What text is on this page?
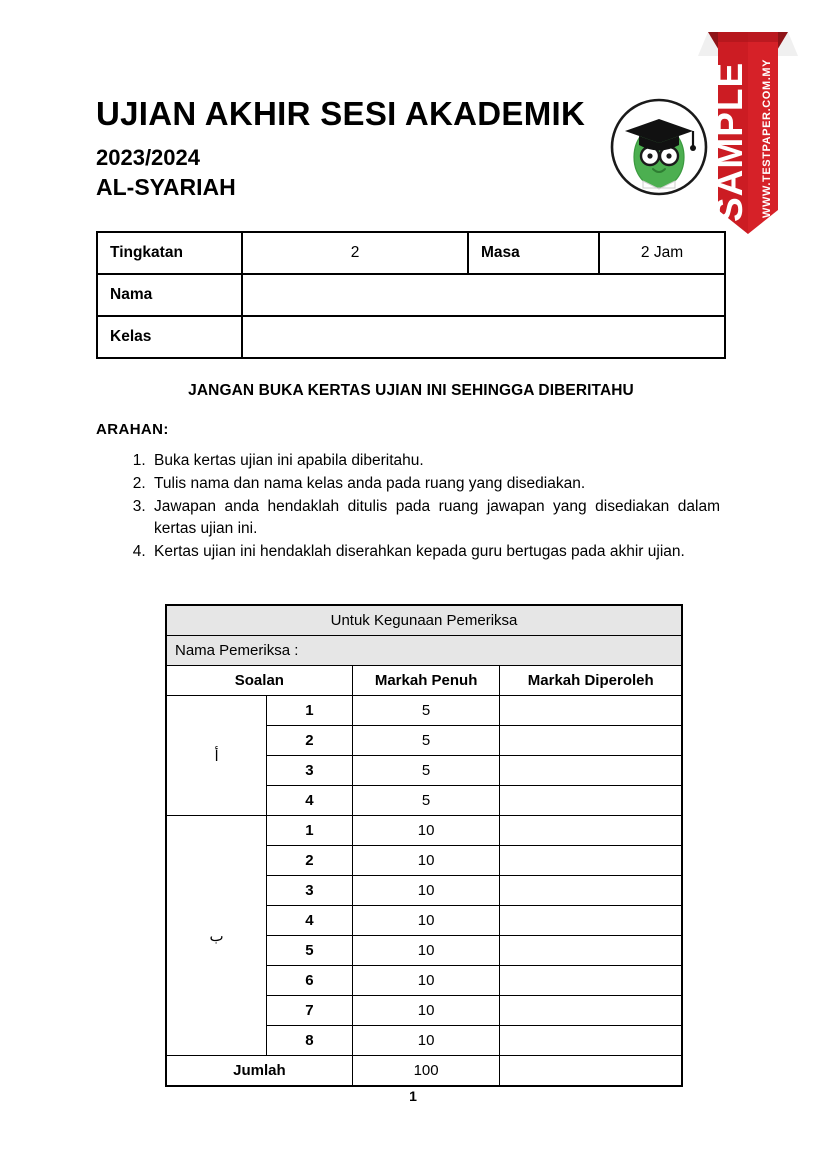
UJIAN AKHIR SESI AKADEMIK
2023/2024
AL-SYARIAH	SAMPLE WWW.TESTPAPER.COM.MY
Tingkatan	2	Masa	2 Jam
Nama			
Kelas			
JANGAN BUKA KERTAS UJIAN INI SEHINGGA DIBERITAHU
ARAHAN:
1. Buka kertas ujian ini apabila diberitahu.
2. Tulis nama dan nama kelas anda pada ruang yang disediakan.
3. Jawapan anda hendaklah ditulis pada ruang jawapan yang disediakan dalam kertas ujian ini.
4. Kertas ujian ini hendaklah diserahkan kepada guru bertugas pada akhir ujian.
Untuk Kegunaan Pemeriksa			
Nama Pemeriksa :			
Soalan		Markah Penuh	Markah Diperoleh
أ	1	5	
	2	5	
	3	5	
	4	5	
ب	1	10	
	2	10	
	3	10	
	4	10	
	5	10	
	6	10	
	7	10	
	8	10	
Jumlah		100	
1
